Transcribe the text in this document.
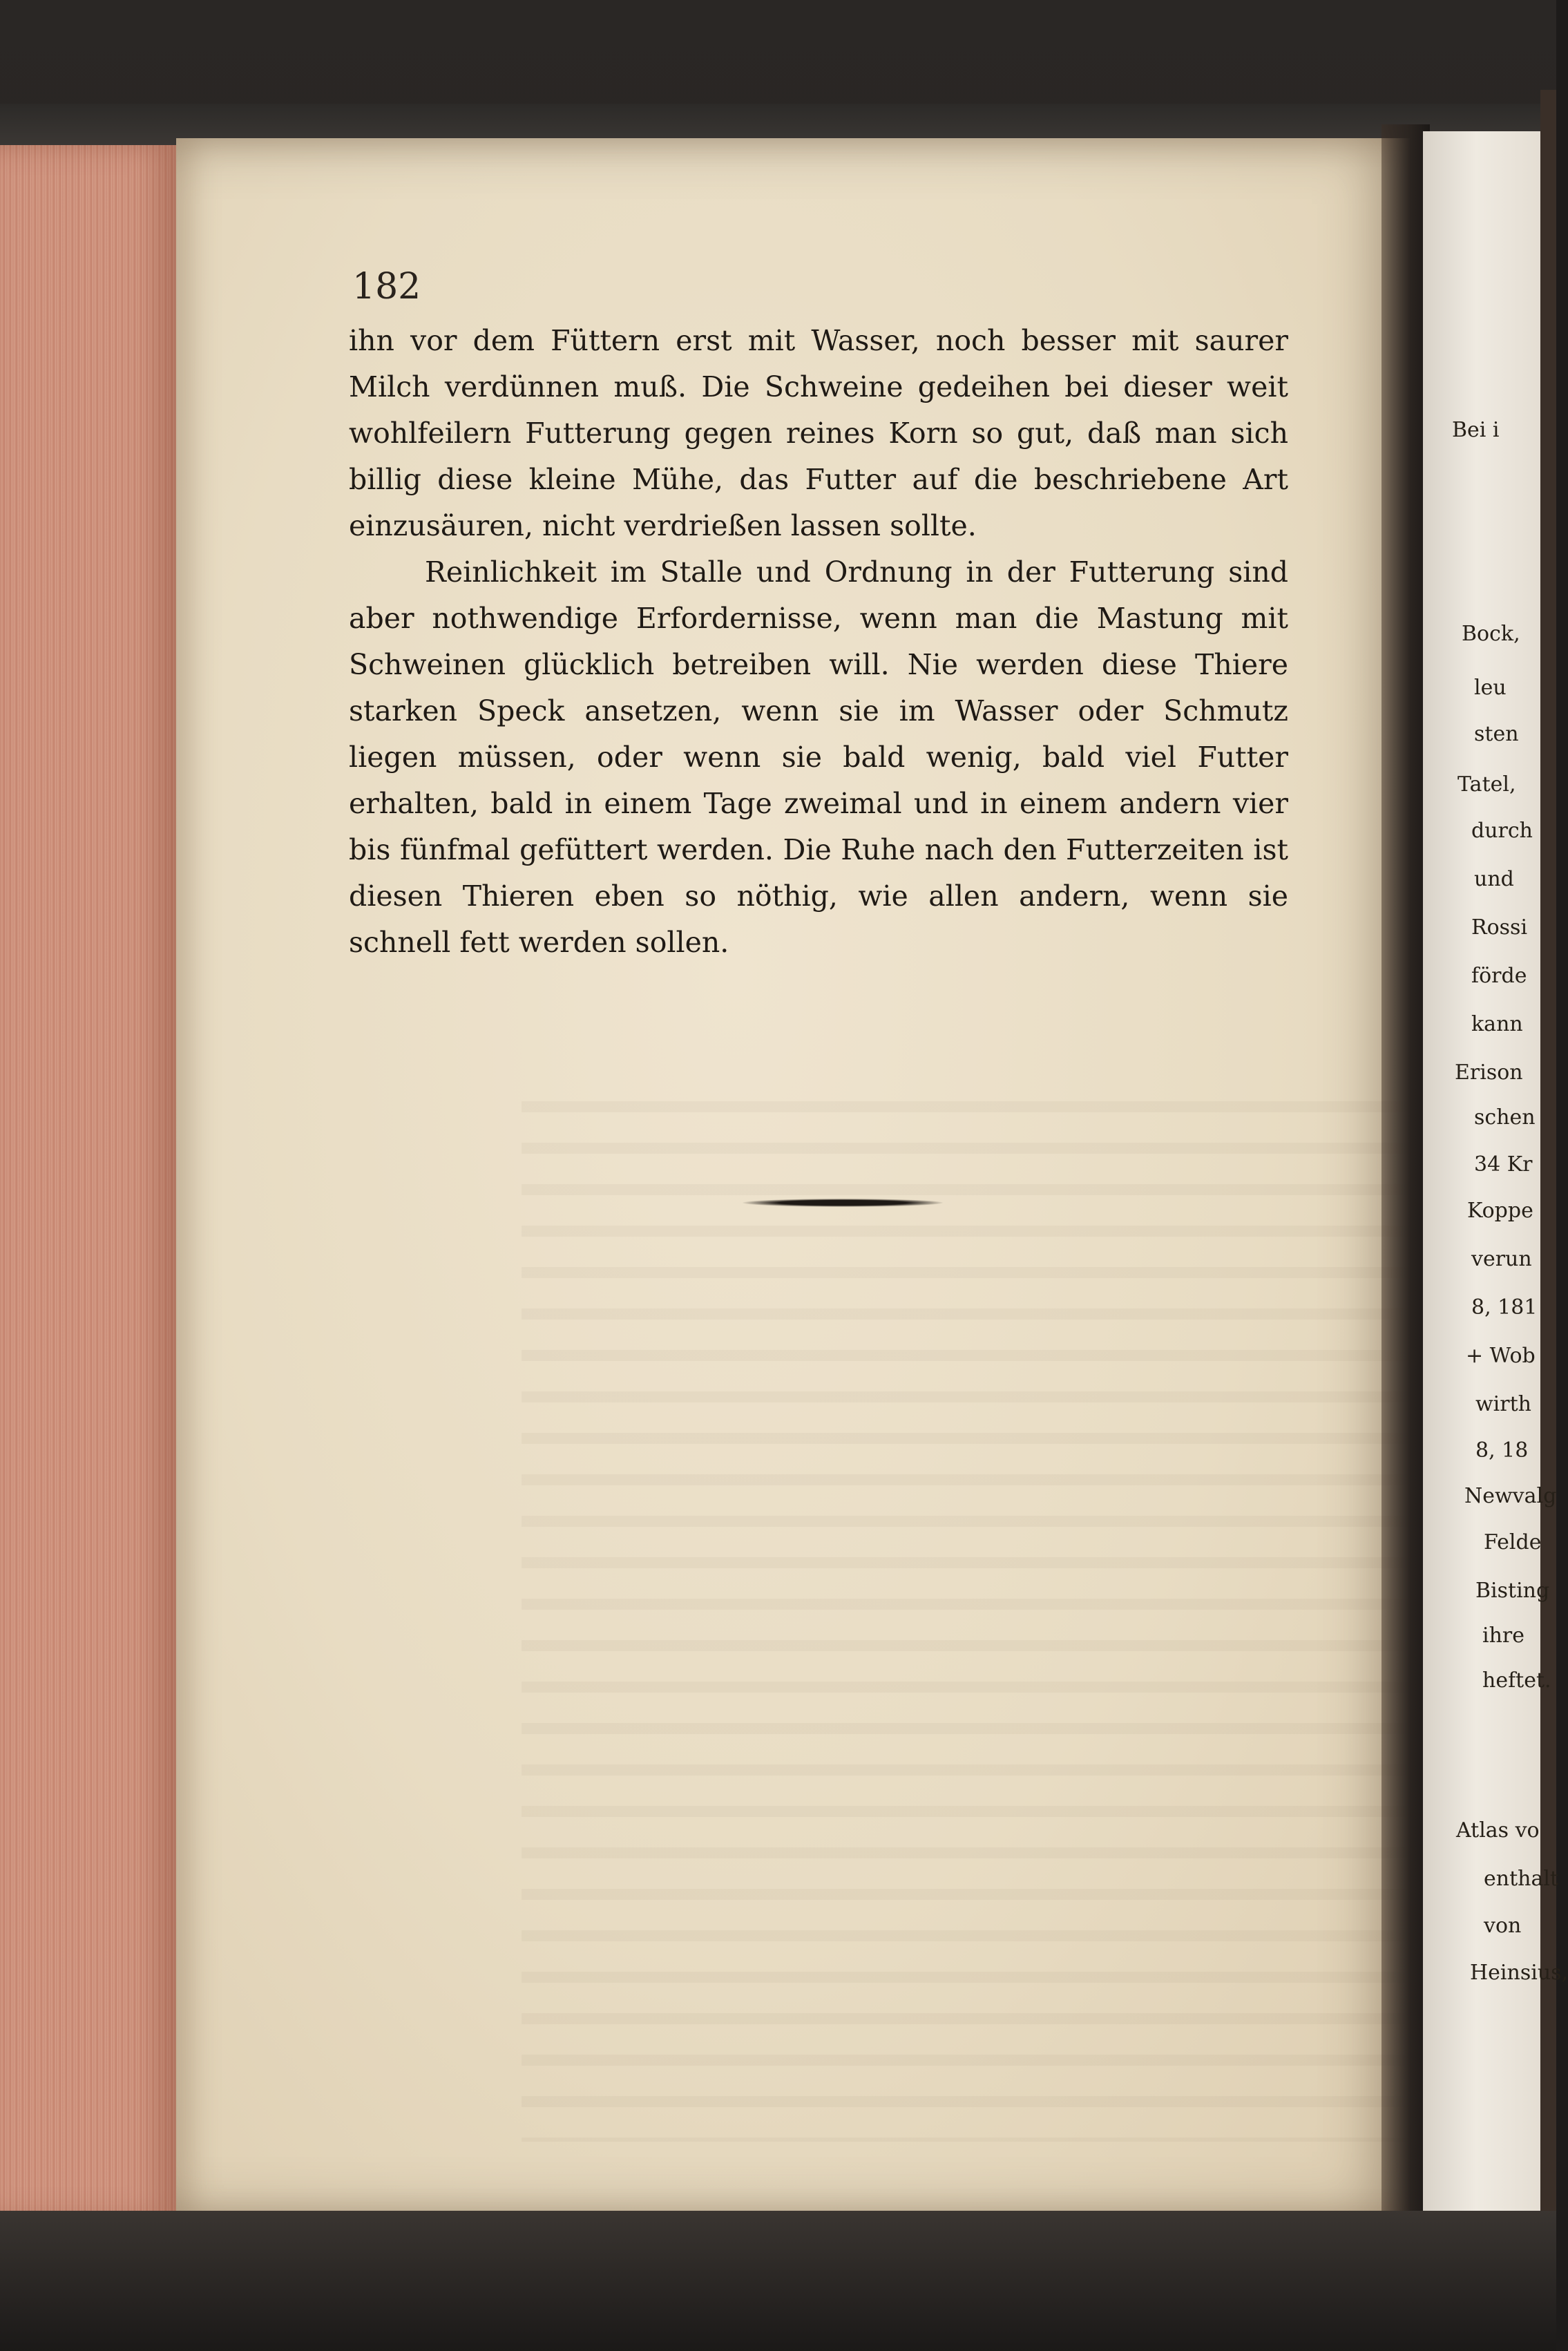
182

ihn vor dem Füttern erst mit Wasser, noch besser mit saurer Milch verdünnen muß. Die Schweine gedeihen bei dieser weit wohlfeilern Futterung gegen reines Korn so gut, daß man sich billig diese kleine Mühe, das Futter auf die beschriebene Art einzusäuren, nicht verdrießen lassen sollte.

Reinlichkeit im Stalle und Ordnung in der Futterung sind aber nothwendige Erfordernisse, wenn man die Mastung mit Schweinen glücklich betreiben will. Nie werden diese Thiere starken Speck ansetzen, wenn sie im Wasser oder Schmutz liegen müssen, oder wenn sie bald wenig, bald viel Futter erhalten, bald in einem Tage zweimal und in einem andern vier bis fünfmal gefüttert werden. Die Ruhe nach den Futterzeiten ist diesen Thieren eben so nöthig, wie allen andern, wenn sie schnell fett werden sollen.

Bei i
Bock,
leu
sten
Tatel,
durch
und
Rossi
förde
kann
Erison
schen
34 Kr
Koppe
verun
8, 181
+ Wob
wirth
8, 18
Newvalg
Felde
Bisting
ihre
heftet.
Atlas vo
enthalt
von
Heinsius,
